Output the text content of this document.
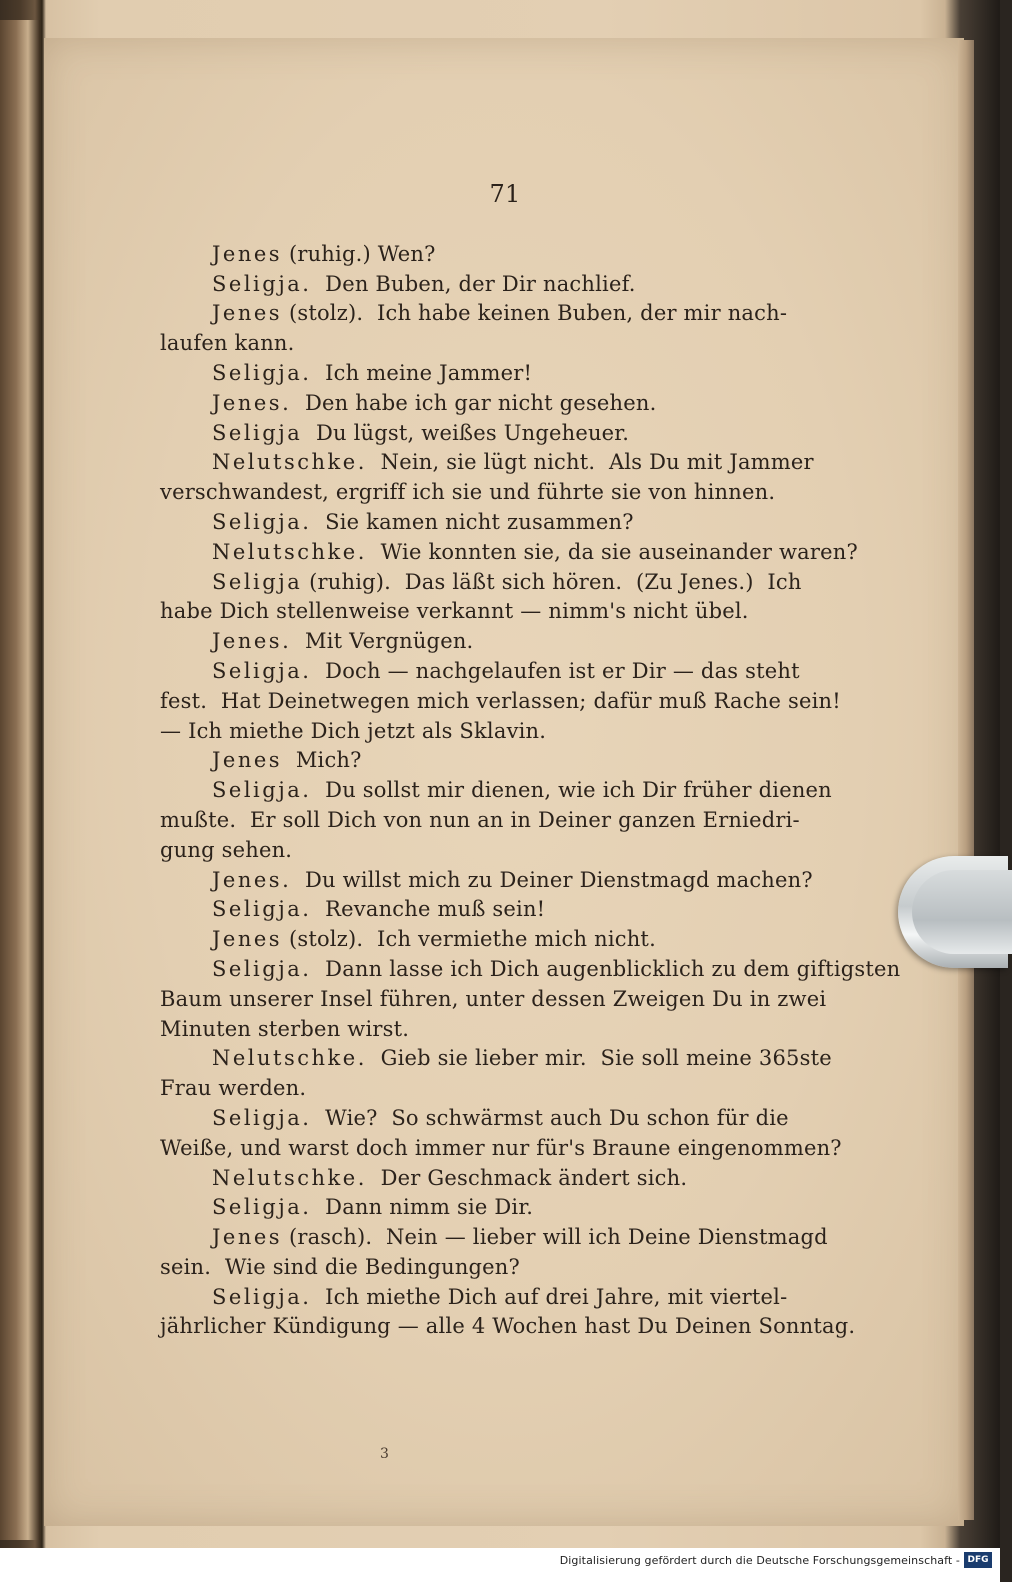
71
Jenes (ruhig.) Wen?
Seligja.  Den Buben, der Dir nachlief.
Jenes (stolz).  Ich habe keinen Buben, der mir nach-
laufen kann.
Seligja.  Ich meine Jammer!
Jenes.  Den habe ich gar nicht gesehen.
Seligja  Du lügst, weißes Ungeheuer.
Nelutschke.  Nein, sie lügt nicht.  Als Du mit Jammer
verschwandest, ergriff ich sie und führte sie von hinnen.
Seligja.  Sie kamen nicht zusammen?
Nelutschke.  Wie konnten sie, da sie auseinander waren?
Seligja (ruhig).  Das läßt sich hören.  (Zu Jenes.)  Ich
habe Dich stellenweise verkannt — nimm's nicht übel.
Jenes.  Mit Vergnügen.
Seligja.  Doch — nachgelaufen ist er Dir — das steht
fest.  Hat Deinetwegen mich verlassen; dafür muß Rache sein!
— Ich miethe Dich jetzt als Sklavin.
Jenes  Mich?
Seligja.  Du sollst mir dienen, wie ich Dir früher dienen
mußte.  Er soll Dich von nun an in Deiner ganzen Erniedri-
gung sehen.
Jenes.  Du willst mich zu Deiner Dienstmagd machen?
Seligja.  Revanche muß sein!
Jenes (stolz).  Ich vermiethe mich nicht.
Seligja.  Dann lasse ich Dich augenblicklich zu dem giftigsten
Baum unserer Insel führen, unter dessen Zweigen Du in zwei
Minuten sterben wirst.
Nelutschke.  Gieb sie lieber mir.  Sie soll meine 365ste
Frau werden.
Seligja.  Wie?  So schwärmst auch Du schon für die
Weiße, und warst doch immer nur für's Braune eingenommen?
Nelutschke.  Der Geschmack ändert sich.
Seligja.  Dann nimm sie Dir.
Jenes (rasch).  Nein — lieber will ich Deine Dienstmagd
sein.  Wie sind die Bedingungen?
Seligja.  Ich miethe Dich auf drei Jahre, mit viertel-
jährlicher Kündigung — alle 4 Wochen hast Du Deinen Sonntag.
3
Digitalisierung gefördert durch die Deutsche Forschungsgemeinschaft - DFG
